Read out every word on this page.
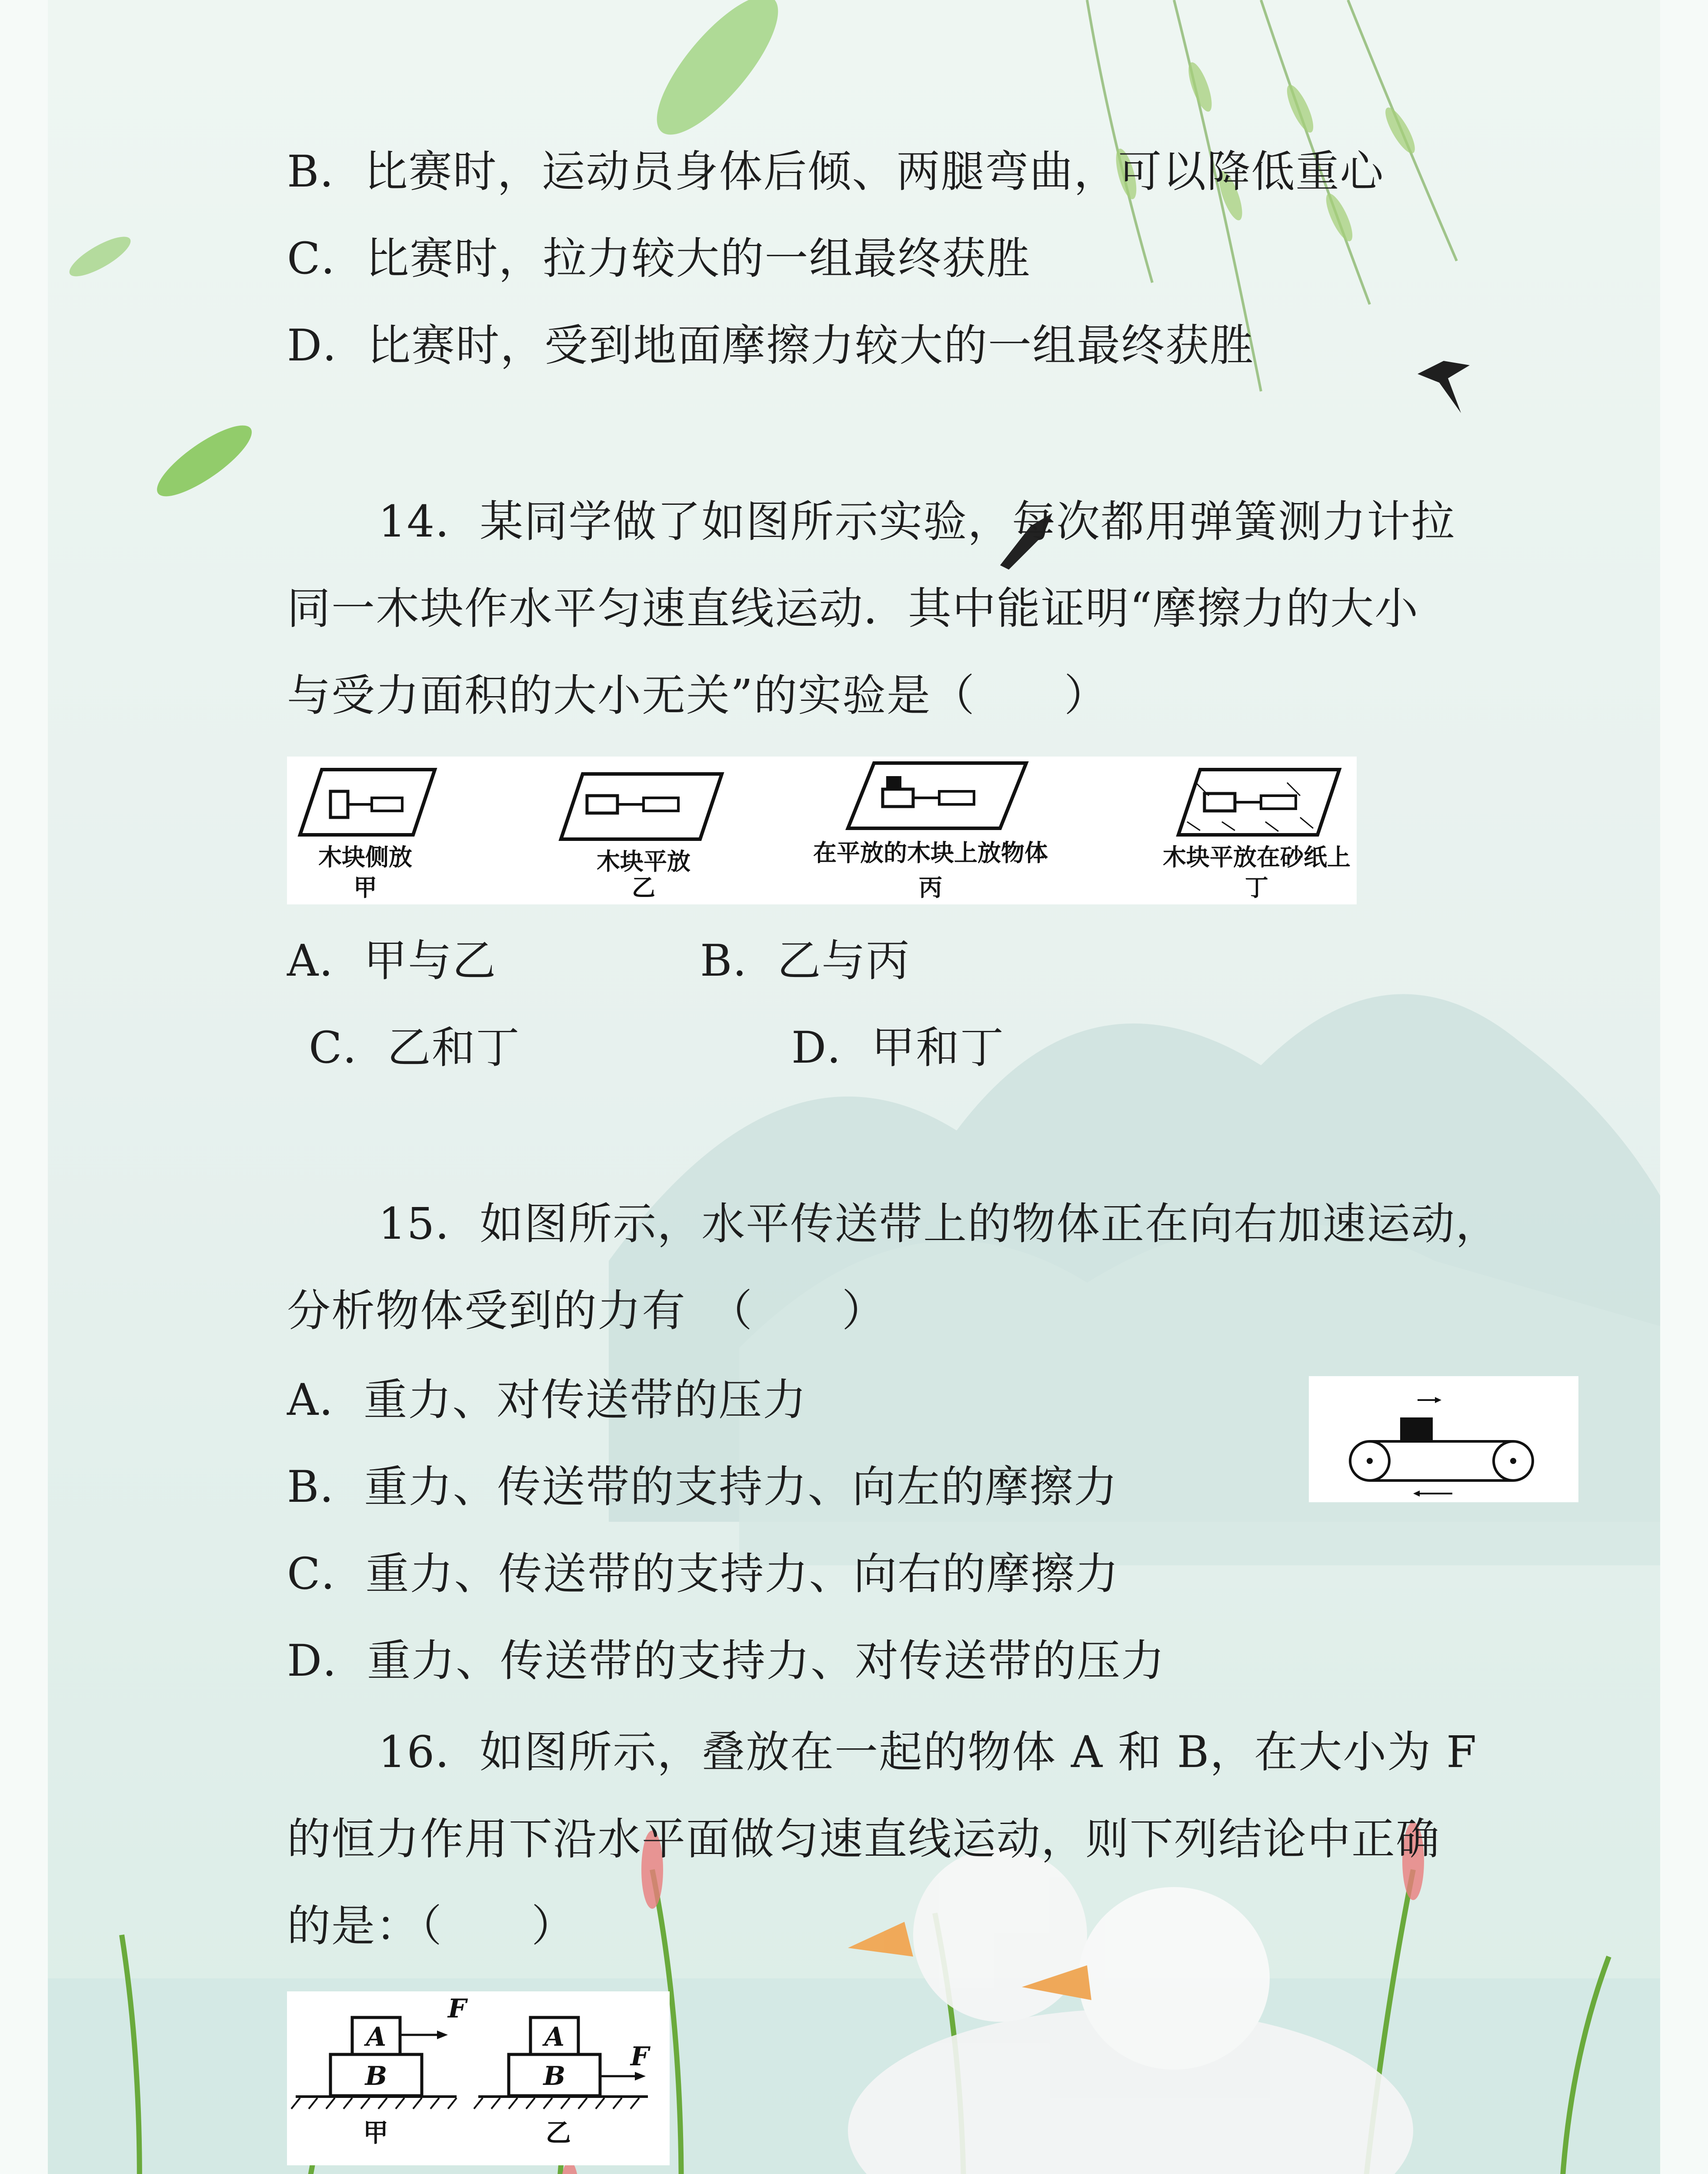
B．比赛时，运动员身体后倾、两腿弯曲，可以降低重心
C．比赛时，拉力较大的一组最终获胜
D．比赛时，受到地面摩擦力较大的一组最终获胜
14．某同学做了如图所示实验，每次都用弹簧测力计拉
同一木块作水平匀速直线运动．其中能证明“摩擦力的大小
与受力面积的大小无关”的实验是（　　）
木块侧放
甲
木块平放
乙
在平放的木块上放物体
丙
木块平放在砂纸上
丁
A．甲与乙	B．乙与丙
C．乙和丁	D．甲和丁
15．如图所示，水平传送带上的物体正在向右加速运动，
分析物体受到的力有　（　　）
A．重力、对传送带的压力
B．重力、传送带的支持力、向左的摩擦力
C．重力、传送带的支持力、向右的摩擦力
D．重力、传送带的支持力、对传送带的压力
16．如图所示，叠放在一起的物体 A 和 B，在大小为 F
的恒力作用下沿水平面做匀速直线运动，则下列结论中正确
的是：（　　）
A
B
F
甲
A
B
F
乙
